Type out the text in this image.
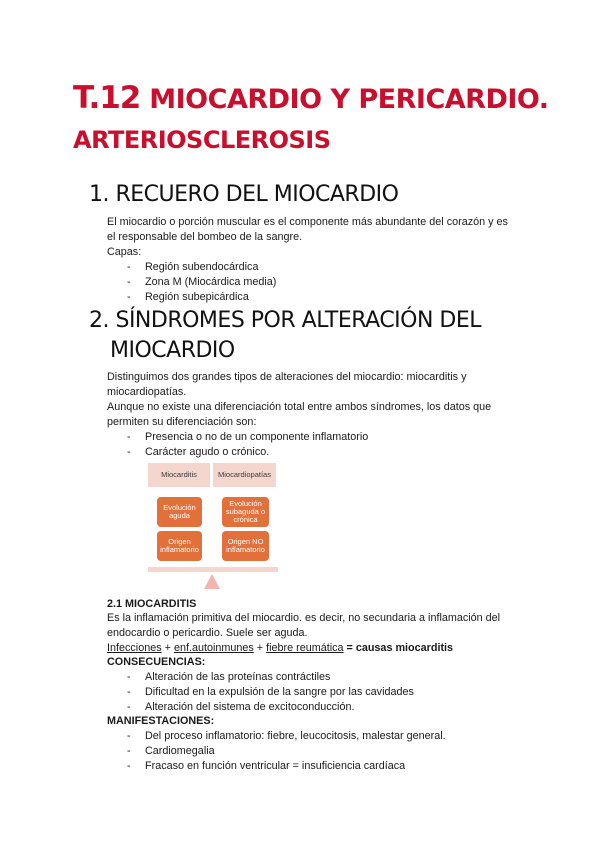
T.12 MIOCARDIO Y PERICARDIO.
ARTERIOSCLEROSIS
1. RECUERO DEL MIOCARDIO
El miocardio o porción muscular es el componente más abundante del corazón y es
el responsable del bombeo de la sangre.
Capas:
- Región subendocárdica
- Zona M (Miocárdica media)
- Región subepicárdica
2. SÍNDROMES POR ALTERACIÓN DEL
MIOCARDIO
Distinguimos dos grandes tipos de alteraciones del miocardio: miocarditis y
miocardiopatías.
Aunque no existe una diferenciación total entre ambos síndromes, los datos que
permiten su diferenciación son:
- Presencia o no de un componente inflamatorio
- Carácter agudo o crónico.
Miocarditis	Miocardiopatías
Evolución aguda
Evolución subaguda o crónica
Origen inflamatorio
Origen NO inflamatorio
2.1 MIOCARDITIS
Es la inflamación primitiva del miocardio. es decir, no secundaria a inflamación del
endocardio o pericardio. Suele ser aguda.
Infecciones + enf.autoinmunes + fiebre reumática = causas miocarditis
CONSECUENCIAS:
- Alteración de las proteínas contráctiles
- Dificultad en la expulsión de la sangre por las cavidades
- Alteración del sistema de excitoconducción.
MANIFESTACIONES:
- Del proceso inflamatorio: fiebre, leucocitosis, malestar general.
- Cardiomegalia
- Fracaso en función ventricular = insuficiencia cardíaca
